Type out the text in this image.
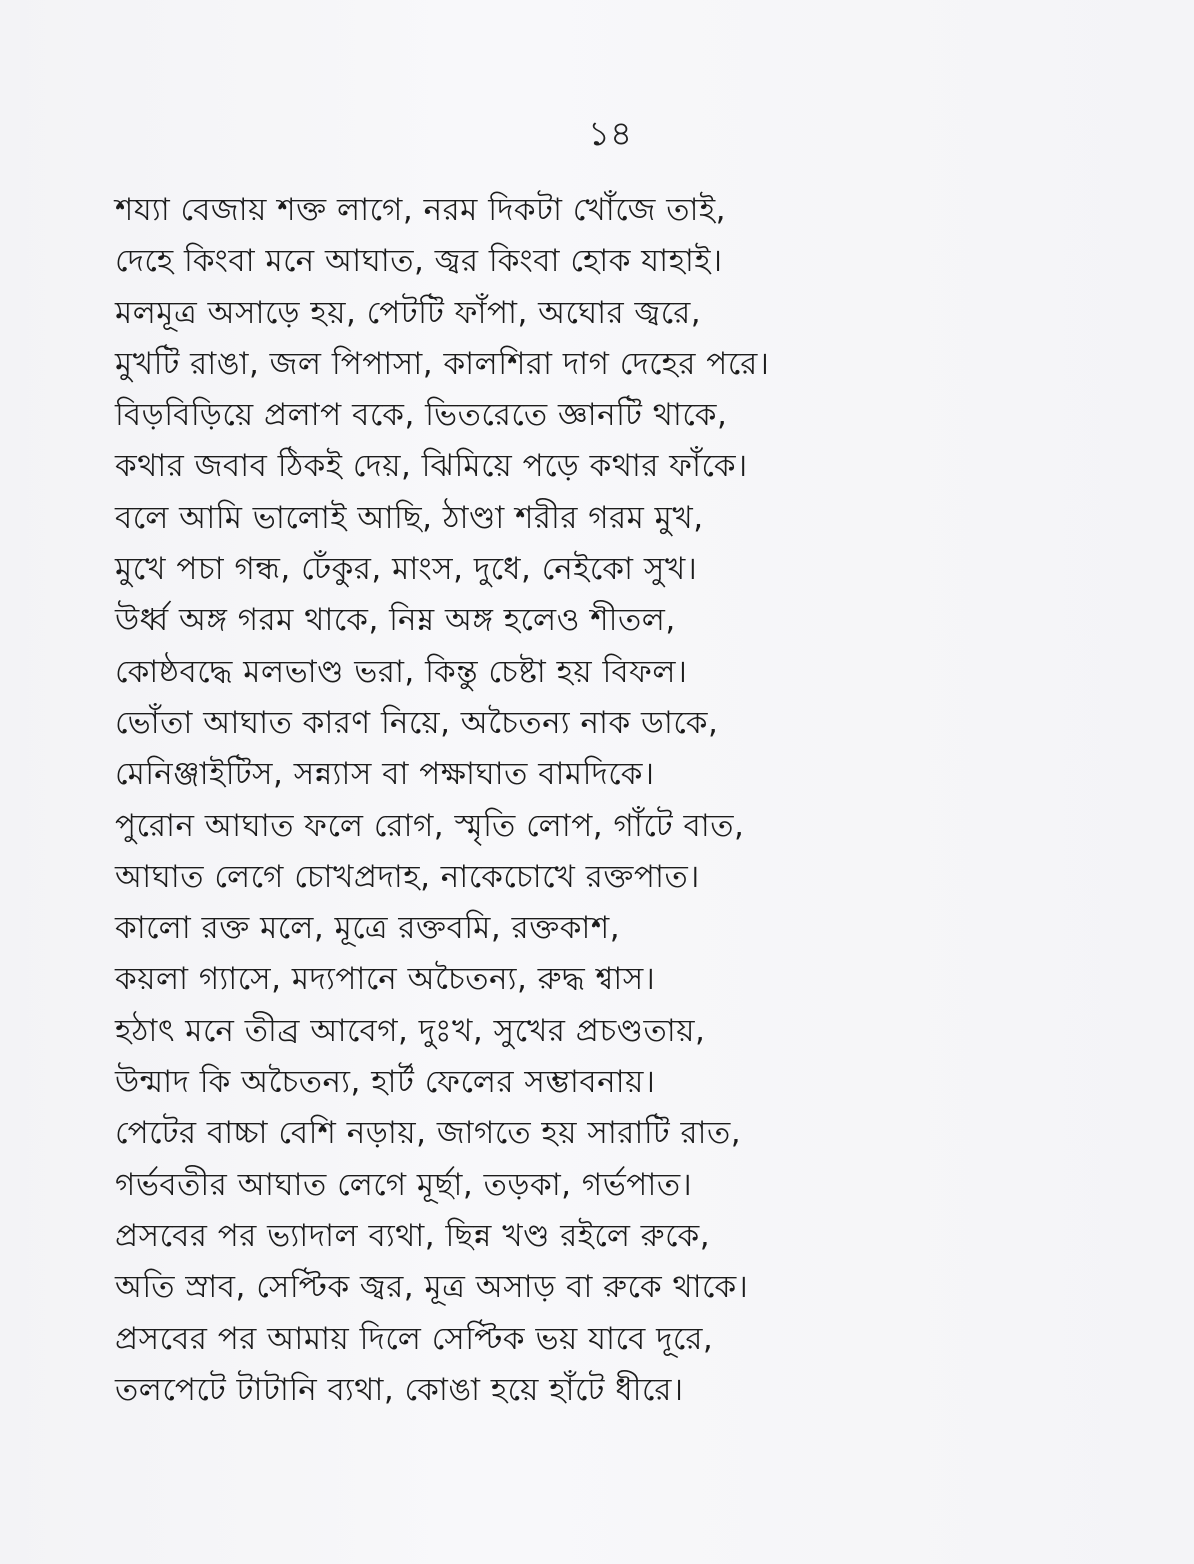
১৪
শয্যা বেজায় শক্ত লাগে, নরম দিকটা খোঁজে তাই,
দেহে কিংবা মনে আঘাত, জ্বর কিংবা হোক যাহাই।
মলমূত্র অসাড়ে হয়, পেটটি ফাঁপা, অঘোর জ্বরে,
মুখটি রাঙা, জল পিপাসা, কালশিরা দাগ দেহের পরে।
বিড়বিড়িয়ে প্রলাপ বকে, ভিতরেতে জ্ঞানটি থাকে,
কথার জবাব ঠিকই দেয়, ঝিমিয়ে পড়ে কথার ফাঁকে।
বলে আমি ভালোই আছি, ঠাণ্ডা শরীর গরম মুখ,
মুখে পচা গন্ধ, ঢেঁকুর, মাংস, দুধে, নেইকো সুখ।
উর্ধ্ব অঙ্গ গরম থাকে, নিম্ন অঙ্গ হলেও শীতল,
কোষ্ঠবদ্ধে মলভাণ্ড ভরা, কিন্তু চেষ্টা হয় বিফল।
ভোঁতা আঘাত কারণ নিয়ে, অচৈতন্য নাক ডাকে,
মেনিঞ্জাইটিস, সন্ন্যাস বা পক্ষাঘাত বামদিকে।
পুরোন আঘাত ফলে রোগ, স্মৃতি লোপ, গাঁটে বাত,
আঘাত লেগে চোখপ্রদাহ, নাকেচোখে রক্তপাত।
কালো রক্ত মলে, মূত্রে রক্তবমি, রক্তকাশ,
কয়লা গ্যাসে, মদ্যপানে অচৈতন্য, রুদ্ধ শ্বাস।
হঠাৎ মনে তীব্র আবেগ, দুঃখ, সুখের প্রচণ্ডতায়,
উন্মাদ কি অচৈতন্য, হার্ট ফেলের সম্ভাবনায়।
পেটের বাচ্চা বেশি নড়ায়, জাগতে হয় সারাটি রাত,
গর্ভবতীর আঘাত লেগে মূর্ছা, তড়কা, গর্ভপাত।
প্রসবের পর ভ্যাদাল ব্যথা, ছিন্ন খণ্ড রইলে রুকে,
অতি স্রাব, সেপ্টিক জ্বর, মূত্র অসাড় বা রুকে থাকে।
প্রসবের পর আমায় দিলে সেপ্টিক ভয় যাবে দূরে,
তলপেটে টাটানি ব্যথা, কোঙা হয়ে হাঁটে ধীরে।
